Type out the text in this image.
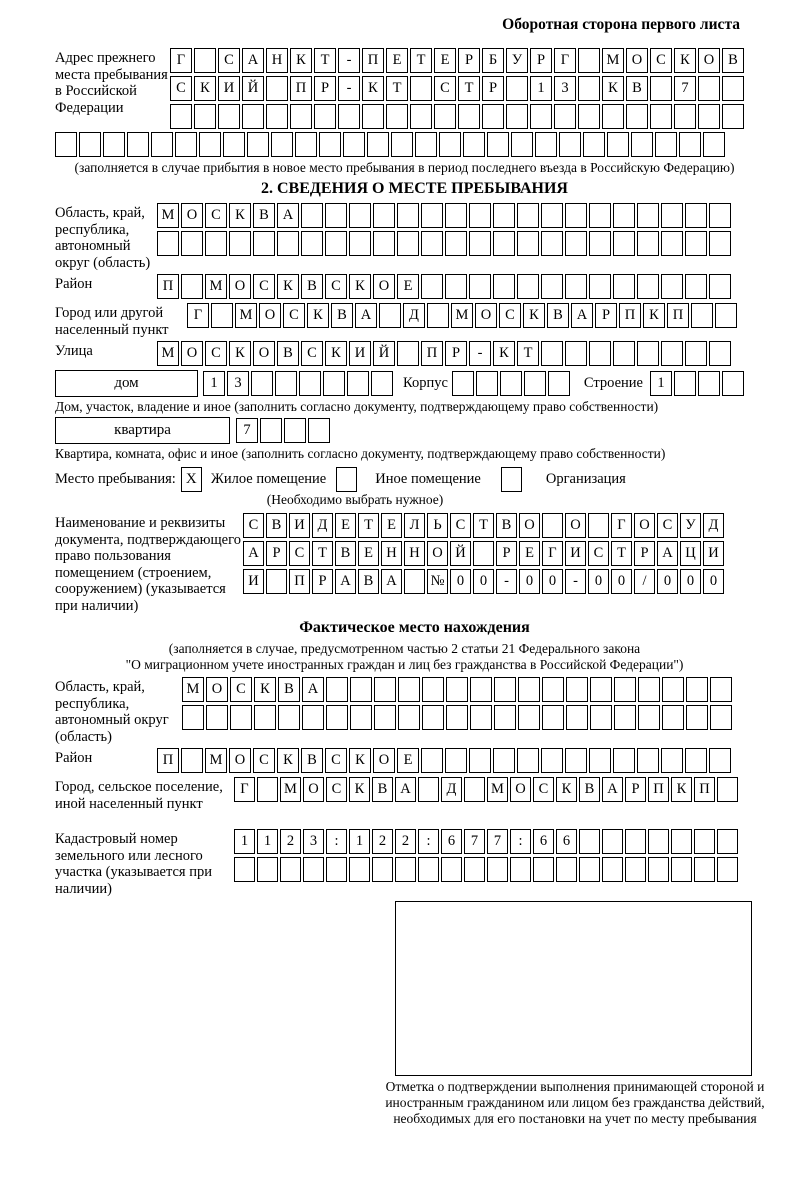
Оборотная сторона первого листа
Адрес прежнего места пребывания в Российской Федерации
Г	С А Н К	Т	-	П Е	Т	Е	Р	Б	У	Р	Г	М О С К О В
С К И Й	П	Р	-	К	Т	С	Т	Р	1	3	К В	7
(заполняется в случае прибытия в новое место пребывания в период последнего въезда в Российскую Федерацию)
2. СВЕДЕНИЯ О МЕСТЕ ПРЕБЫВАНИЯ
Область, край, республика, автономный округ (область)
М О С К В А
Район	П	М О С К В С К О Е
Город или другой населенный пункт
Г	М О С К В А	Д	М О С К В А	Р	П К П
Улица	М О С К О В С К И Й	П	Р	-	К	Т
дом	1	3	Корпус	Строение 1
Дом, участок, владение и иное (заполнить согласно документу, подтверждающему право собственности)
квартира	7
Квартира, комната, офис и иное (заполнить согласно документу, подтверждающему право собственности)
Место пребывания: X Жилое помещение	Иное помещение	Организация
(Необходимо выбрать нужное)
Наименование и реквизиты документа, подтверждающего право пользования помещением (строением, сооружением) (указывается при наличии)
С В И Д Е Т Е Л Ь С Т В О	О	Г О С У Д
А Р С Т В Е Н Н О Й	Р	Е Г И С Т	Р А Ц И
И	П Р А В А	№ 0	0	-	0	0	-	0	0	/	0	0	0
Фактическое место нахождения
(заполняется в случае, предусмотренном частью 2 статьи 21 Федерального закона
"О миграционном учете иностранных граждан и лиц без гражданства в Российской Федерации")
Область, край, республика, автономный округ (область)
М О С К В А
Район	П	М О С К В С К О Е
Город, сельское поселение, иной населенный пункт
Г	М О С К В А	Д	М О С К В А Р П К П
Кадастровый номер земельного или лесного участка (указывается при наличии)
1	1	2	3	:	1	2	2	:	6	7	7	:	6	6
Отметка о подтверждении выполнения принимающей стороной и иностранным гражданином или лицом без гражданства действий, необходимых для его постановки на учет по месту пребывания
